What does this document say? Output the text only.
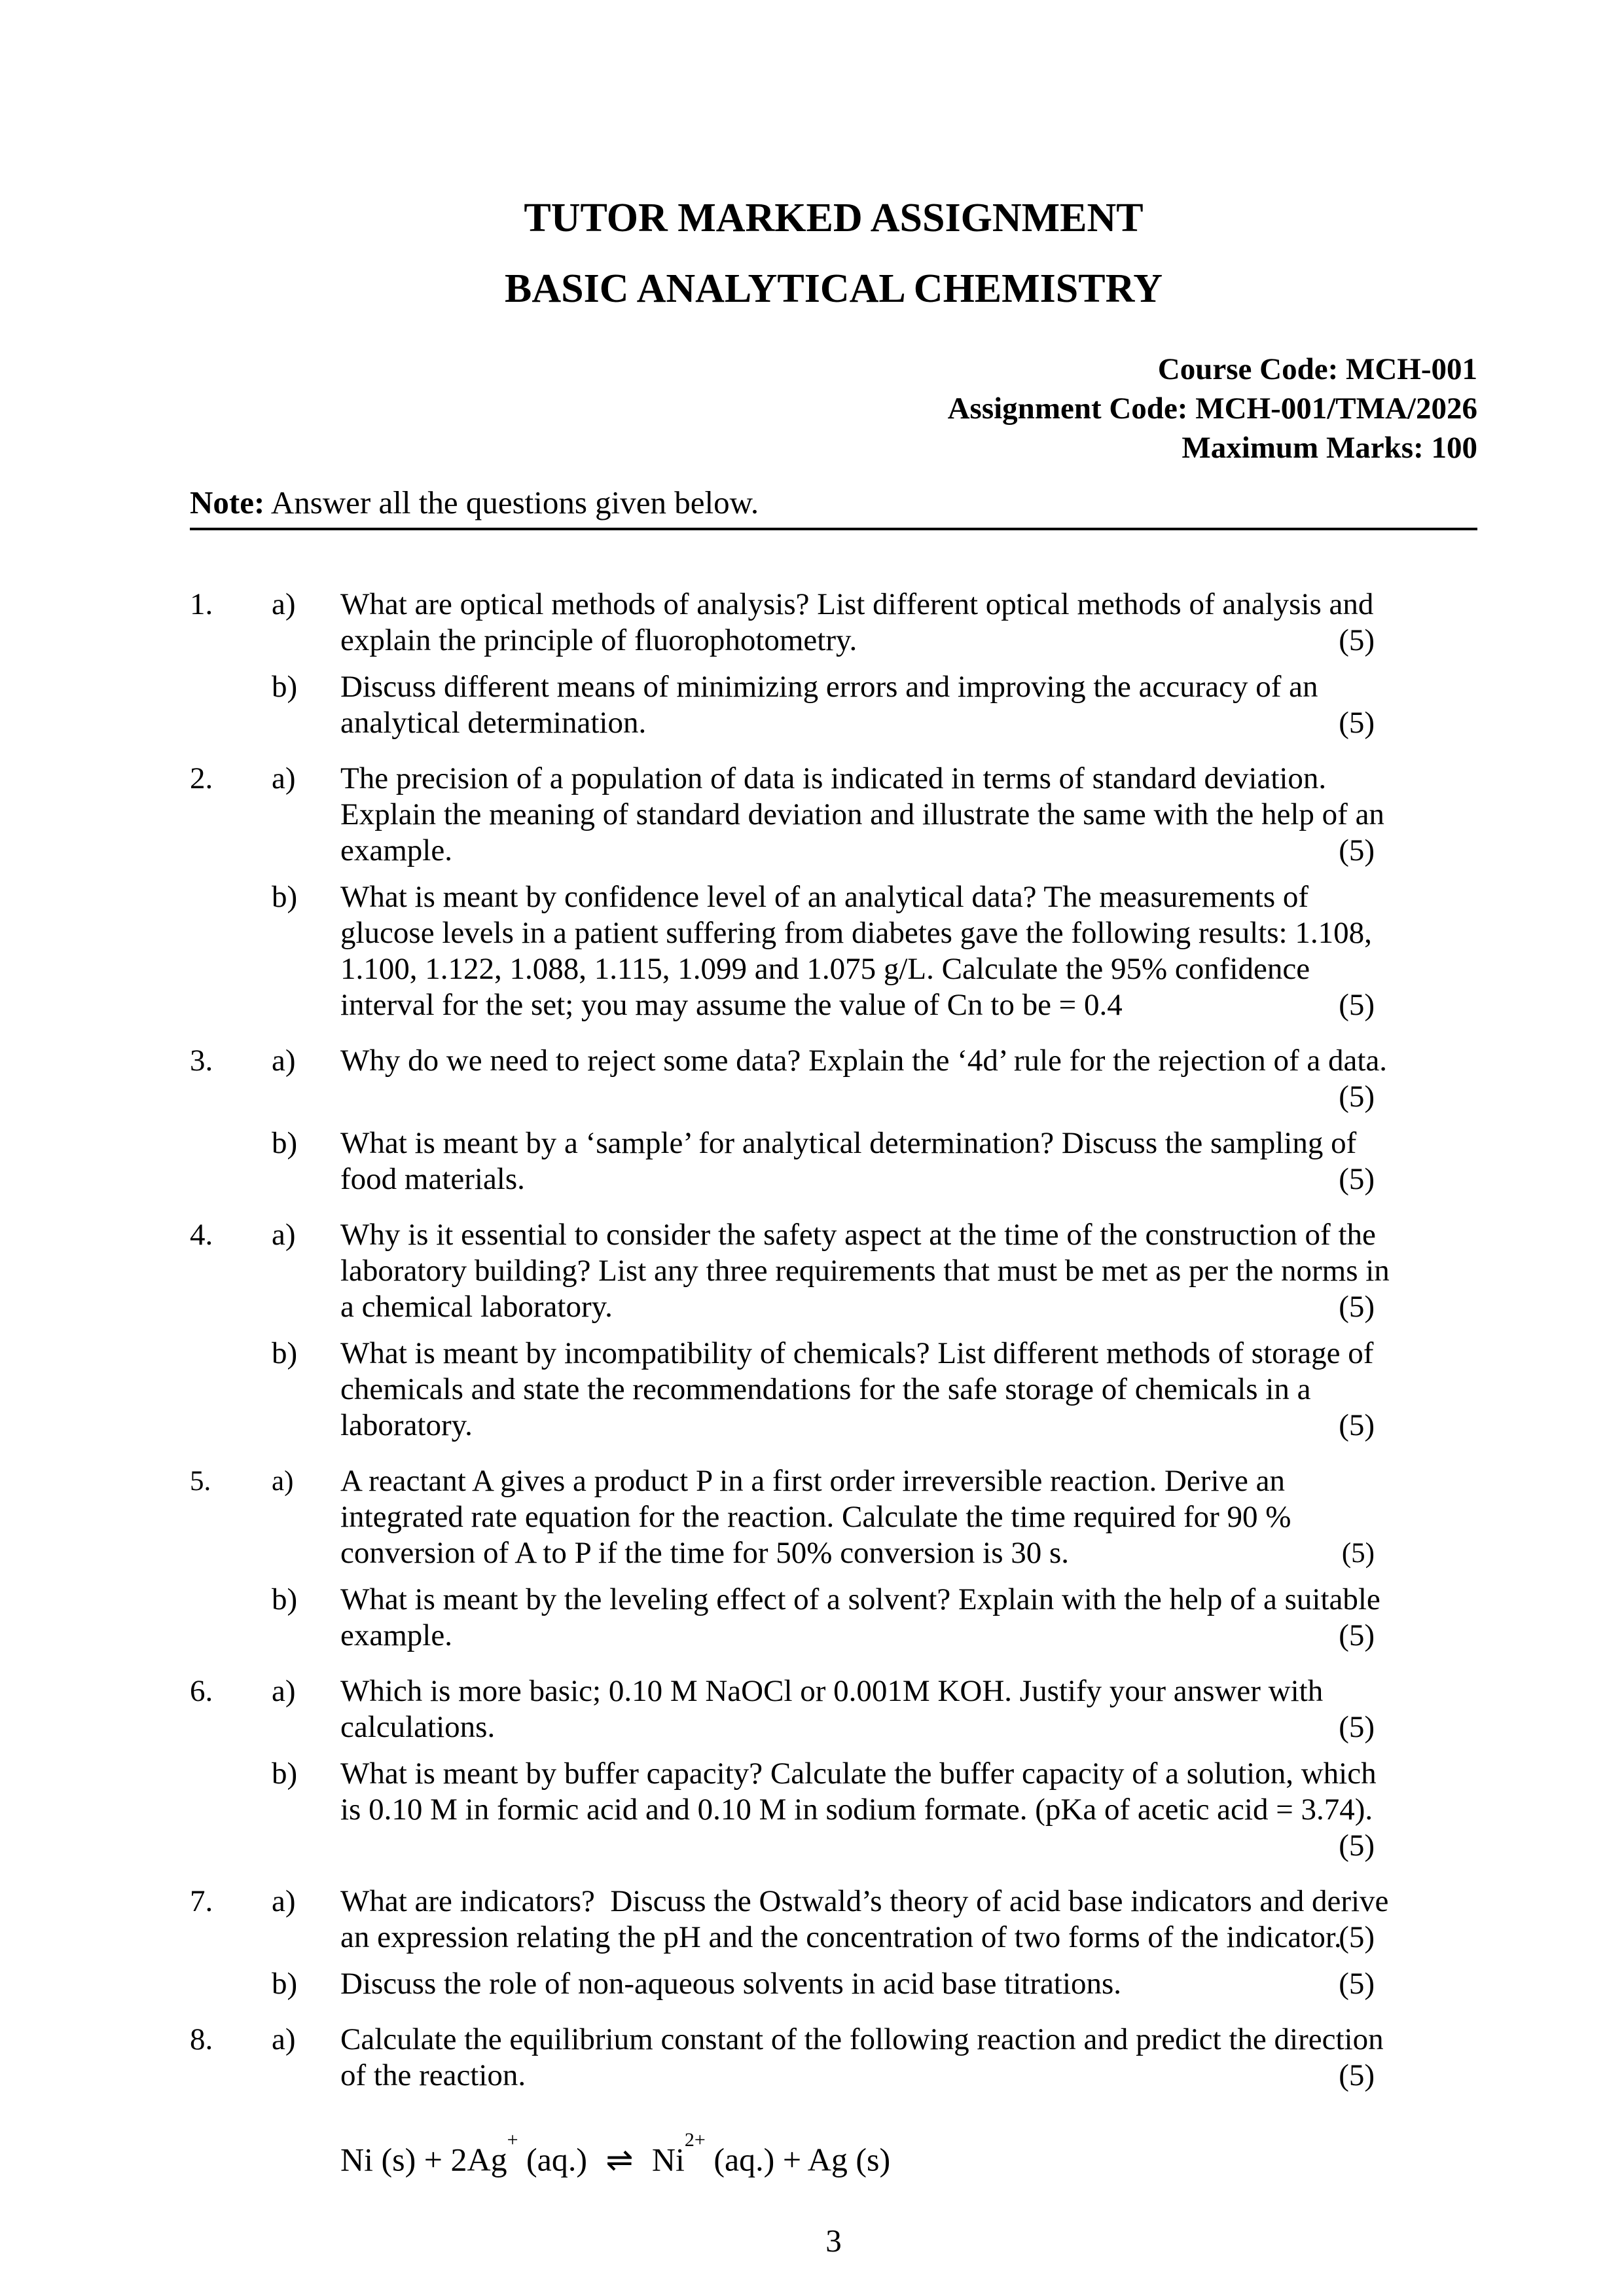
TUTOR MARKED ASSIGNMENT
BASIC ANALYTICAL CHEMISTRY
Course Code: MCH-001
Assignment Code: MCH-001/TMA/2026
Maximum Marks: 100
Note: Answer all the questions given below.
1.	a)	What are optical methods of analysis? List different optical methods of analysis and
explain the principle of fluorophotometry.	(5)
b)	Discuss different means of minimizing errors and improving the accuracy of an
analytical determination.	(5)
2.	a)	The precision of a population of data is indicated in terms of standard deviation.
Explain the meaning of standard deviation and illustrate the same with the help of an
example.	(5)
b)	What is meant by confidence level of an analytical data? The measurements of
glucose levels in a patient suffering from diabetes gave the following results: 1.108,
1.100, 1.122, 1.088, 1.115, 1.099 and 1.075 g/L. Calculate the 95% confidence
interval for the set; you may assume the value of Cn to be = 0.4	(5)
3.	a)	Why do we need to reject some data? Explain the ‘4d’ rule for the rejection of a data.
(5)
b)	What is meant by a ‘sample’ for analytical determination? Discuss the sampling of
food materials.	(5)
4.	a)	Why is it essential to consider the safety aspect at the time of the construction of the
laboratory building? List any three requirements that must be met as per the norms in
a chemical laboratory.	(5)
b)	What is meant by incompatibility of chemicals? List different methods of storage of
chemicals and state the recommendations for the safe storage of chemicals in a
laboratory.	(5)
5.	a)	A reactant A gives a product P in a first order irreversible reaction. Derive an
integrated rate equation for the reaction. Calculate the time required for 90 %
conversion of A to P if the time for 50% conversion is 30 s.	(5)
b)	What is meant by the leveling effect of a solvent? Explain with the help of a suitable
example.	(5)
6.	a)	Which is more basic; 0.10 M NaOCl or 0.001M KOH. Justify your answer with
calculations.	(5)
b)	What is meant by buffer capacity? Calculate the buffer capacity of a solution, which
is 0.10 M in formic acid and 0.10 M in sodium formate. (pKa of acetic acid = 3.74).
(5)
7.	a)	What are indicators?  Discuss the Ostwald’s theory of acid base indicators and derive
an expression relating the pH and the concentration of two forms of the indicator.
(5)
b)	Discuss the role of non-aqueous solvents in acid base titrations.	(5)
8.	a)	Calculate the equilibrium constant of the following reaction and predict the direction
of the reaction.	(5)
Ni (s) + 2Ag+ (aq.) ⇌ $Ni^{2+}$ (aq.) + Ag (s)
3
